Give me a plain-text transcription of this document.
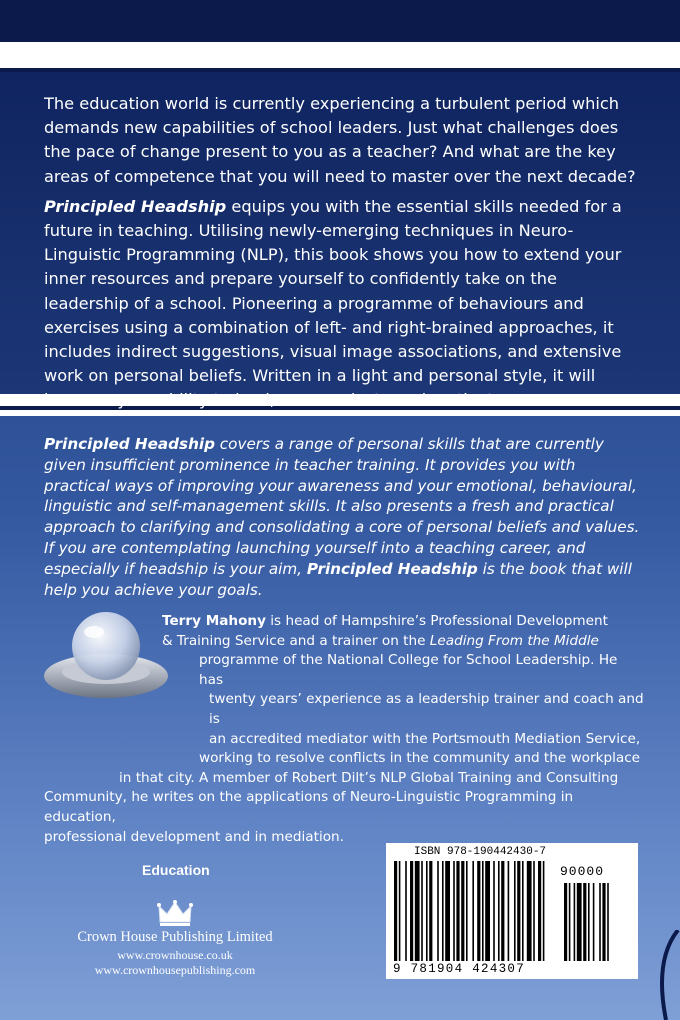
The education world is currently experiencing a turbulent period which demands new capabilities of school leaders. Just what challenges does the pace of change present to you as a teacher? And what are the key areas of competence that you will need to master over the next decade?

Principled Headship equips you with the essential skills needed for a future in teaching. Utilising newly-emerging techniques in Neuro-Linguistic Programming (NLP), this book shows you how to extend your inner resources and prepare yourself to confidently take on the leadership of a school. Pioneering a programme of behaviours and exercises using a combination of left- and right-brained approaches, it includes indirect suggestions, visual image associations, and extensive work on personal beliefs. Written in a light and personal style, it will increase your ability to lead, communicate and motivate.

Principled Headship covers a range of personal skills that are currently given insufficient prominence in teacher training. It provides you with practical ways of improving your awareness and your emotional, behavioural, linguistic and self-management skills. It also presents a fresh and practical approach to clarifying and consolidating a core of personal beliefs and values. If you are contemplating launching yourself into a teaching career, and especially if headship is your aim, Principled Headship is the book that will help you achieve your goals.
Terry Mahony is head of Hampshire’s Professional Development
& Training Service and a trainer on the Leading From the Middle
programme of the National College for School Leadership. He has
twenty years’ experience as a leadership trainer and coach and is
an accredited mediator with the Portsmouth Mediation Service,
working to resolve conflicts in the community and the workplace
in that city. A member of Robert Dilt’s NLP Global Training and Consulting
Community, he writes on the applications of Neuro-Linguistic Programming in education,
professional development and in mediation.
Education
Crown House Publishing Limited
www.crownhouse.co.uk
www.crownhousepublishing.com
ISBN 978-190442430-7
90000
9 781904 424307
